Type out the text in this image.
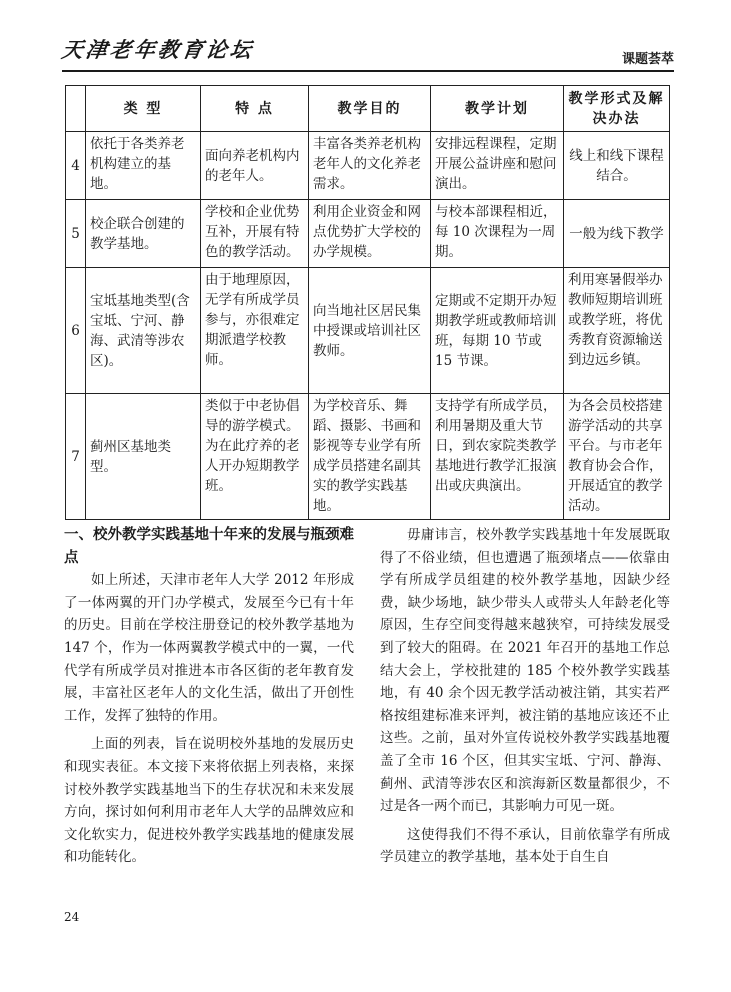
天津老年教育论坛	课题荟萃
	类 型	特 点	教学目的	教学计划	教学形式及解决办法
4	依托于各类养老机构建立的基地。	面向养老机构内的老年人。	丰富各类养老机构老年人的文化养老需求。	安排远程课程，定期开展公益讲座和慰问演出。	线上和线下课程结合。
5	校企联合创建的教学基地。	学校和企业优势互补，开展有特色的教学活动。	利用企业资金和网点优势扩大学校的办学规模。	与校本部课程相近，每 10 次课程为一周期。	一般为线下教学
6	宝坻基地类型(含宝坻、宁河、静海、武清等涉农区)。	由于地理原因，无学有所成学员参与，亦很难定期派遣学校教师。	向当地社区居民集中授课或培训社区教师。	定期或不定期开办短期教学班或教师培训班，每期 10 节或 15 节课。	利用寒暑假举办教师短期培训班或教学班，将优秀教育资源输送到边远乡镇。
7	蓟州区基地类型。	类似于中老协倡导的游学模式。为在此疗养的老人开办短期教学班。	为学校音乐、舞蹈、摄影、书画和影视等专业学有所成学员搭建名副其实的教学实践基地。	支持学有所成学员，利用暑期及重大节日，到农家院类教学基地进行教学汇报演出或庆典演出。	为各会员校搭建游学活动的共享平台。与市老年教育协会合作，开展适宜的教学活动。
一、校外教学实践基地十年来的发展与瓶颈难点

如上所述，天津市老年人大学 2012 年形成了一体两翼的开门办学模式，发展至今已有十年的历史。目前在学校注册登记的校外教学基地为 147 个，作为一体两翼教学模式中的一翼，一代代学有所成学员对推进本市各区街的老年教育发展，丰富社区老年人的文化生活，做出了开创性工作，发挥了独特的作用。

上面的列表，旨在说明校外基地的发展历史和现实表征。本文接下来将依据上列表格，来探讨校外教学实践基地当下的生存状况和未来发展方向，探讨如何利用市老年人大学的品牌效应和文化软实力，促进校外教学实践基地的健康发展和功能转化。

毋庸讳言，校外教学实践基地十年发展既取得了不俗业绩，但也遭遇了瓶颈堵点——依靠由学有所成学员组建的校外教学基地，因缺少经费，缺少场地，缺少带头人或带头人年龄老化等原因，生存空间变得越来越狭窄，可持续发展受到了较大的阻碍。在 2021 年召开的基地工作总结大会上，学校批建的 185 个校外教学实践基地，有 40 余个因无教学活动被注销，其实若严格按组建标准来评判，被注销的基地应该还不止这些。之前，虽对外宣传说校外教学实践基地覆盖了全市 16 个区，但其实宝坻、宁河、静海、蓟州、武清等涉农区和滨海新区数量都很少，不过是各一两个而已，其影响力可见一斑。

这使得我们不得不承认，目前依靠学有所成学员建立的教学基地，基本处于自生自

24
